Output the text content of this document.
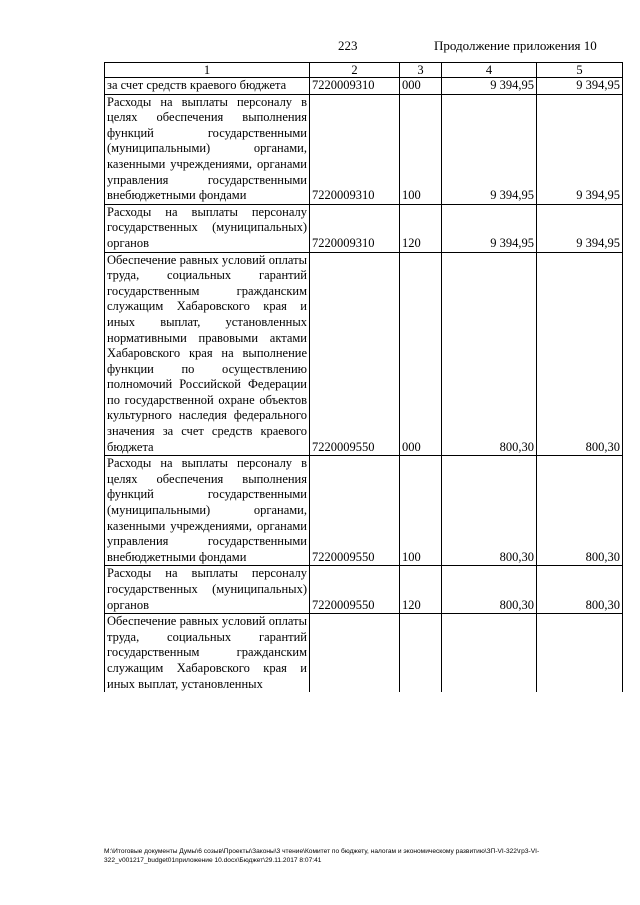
223	Продолжение приложения 10
1	2	3	4	5
за счет средств краевого бюджета	7220009310	000	9 394,95	9 394,95
Расходы на выплаты персоналу в целях обеспечения выполнения функций государственными (муниципальными) органами, казенными учреждениями, органами управления государственными внебюджетными фондами	7220009310	100	9 394,95	9 394,95
Расходы на выплаты персоналу государственных (муниципальных) органов	7220009310	120	9 394,95	9 394,95
Обеспечение равных условий оплаты труда, социальных гарантий государственным гражданским служащим Хабаровского края и иных выплат, установленных нормативными правовыми актами Хабаровского края на выполнение функции по осуществлению полномочий Российской Федерации по государственной охране объектов культурного наследия федерального значения за счет средств краевого бюджета	7220009550	000	800,30	800,30
Расходы на выплаты персоналу в целях обеспечения выполнения функций государственными (муниципальными) органами, казенными учреждениями, органами управления государственными внебюджетными фондами	7220009550	100	800,30	800,30
Расходы на выплаты персоналу государственных (муниципальных) органов	7220009550	120	800,30	800,30
Обеспечение равных условий оплаты труда, социальных гарантий государственным гражданским служащим Хабаровского края и иных выплат, установленных				
М:\Итоговые документы Думы\6 созыв\Проекты\Законы\3 чтение\Комитет по бюджету, налогам и экономическому развитию\ЗП-VI-322\гр3-VI-
322_v001217_budget01приложение 10.docx\Бюджет\29.11.2017 8:07:41
